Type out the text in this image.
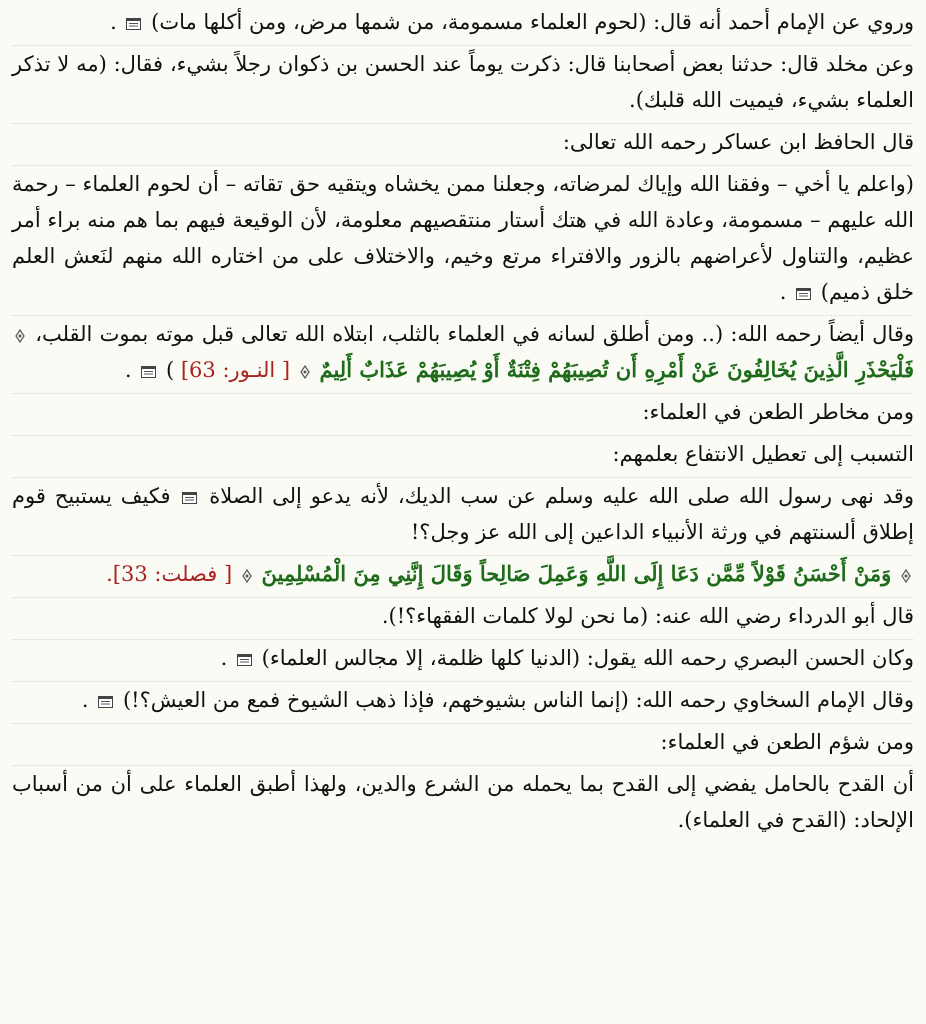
وروي عن الإمام أحمد أنه قال: (لحوم العلماء مسمومة، من شمها مرض، ومن أكلها مات)
.

وعن مخلد قال: حدثنا بعض أصحابنا قال: ذكرت يوماً عند الحسن بن ذكوان رجلاً بشيء، فقال: (مه لا تذكر العلماء بشيء، فيميت الله قلبك).

قال الحافظ ابن عساكر رحمه الله تعالى:

(واعلم يا أخي – وفقنا الله وإياك لمرضاته، وجعلنا ممن يخشاه ويتقيه حق تقاته – أن لحوم العلماء – رحمة الله عليهم – مسمومة، وعادة الله في هتك أستار منتقصيهم معلومة، لأن الوقيعة فيهم بما هم منه براء أمر عظيم، والتناول لأعراضهم بالزور والافتراء مرتع وخيم، والاختلاف على من اختاره الله منهم لنَعش العلم خلق ذميم)
.

وقال أيضاً رحمه الله: (.. ومن أطلق لسانه في العلماء بالثلب، ابتلاه الله تعالى قبل موته بموت القلب،
فَلْيَحْذَرِ الَّذِينَ يُخَالِفُونَ عَنْ أَمْرِهِ أَن تُصِيبَهُمْ فِتْنَةٌ أَوْ يُصِيبَهُمْ عَذَابٌ أَلِيمٌ
[ النـور: 63] )
.

ومن مخاطر الطعن في العلماء:

التسبب إلى تعطيل الانتفاع بعلمهم:

وقد نهى رسول الله صلى الله عليه وسلم عن سب الديك، لأنه يدعو إلى الصلاة
فكيف يستبيح قوم إطلاق ألسنتهم في ورثة الأنبياء الداعين إلى الله عز وجل؟!

وَمَنْ أَحْسَنُ قَوْلاً مِّمَّن دَعَا إِلَى اللَّهِ وَعَمِلَ صَالِحاً وَقَالَ إِنَّنِي مِنَ الْمُسْلِمِينَ
[ فصلت: 33].

قال أبو الدرداء رضي الله عنه: (ما نحن لولا كلمات الفقهاء؟!).

وكان الحسن البصري رحمه الله يقول: (الدنيا كلها ظلمة، إلا مجالس العلماء)
.

وقال الإمام السخاوي رحمه الله: (إنما الناس بشيوخهم، فإذا ذهب الشيوخ فمع من العيش؟!)
.

ومن شؤم الطعن في العلماء:

أن القدح بالحامل يفضي إلى القدح بما يحمله من الشرع والدين، ولهذا أطبق العلماء على أن من أسباب الإلحاد: (القدح في العلماء).
